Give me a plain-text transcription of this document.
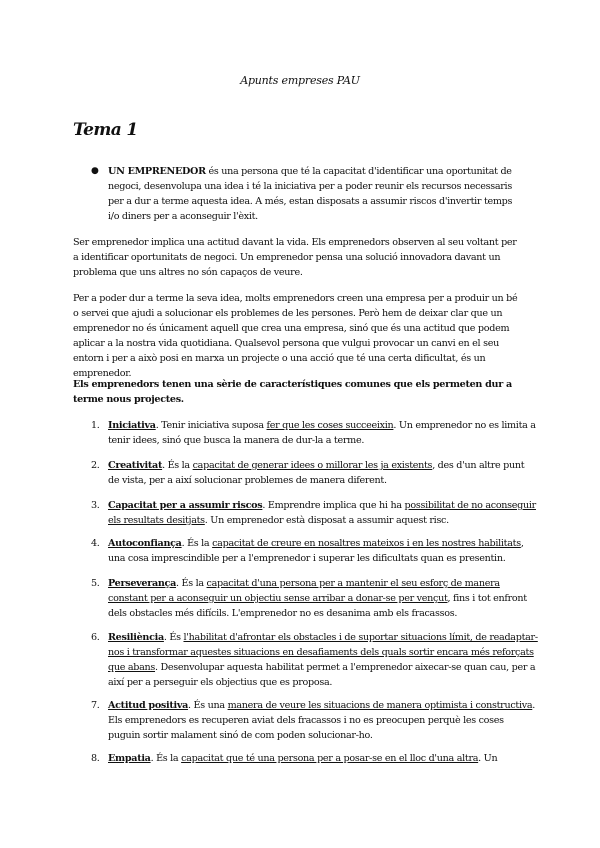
Apunts empreses PAU
Tema 1
● UN EMPRENEDOR és una persona que té la capacitat d'identificar una oportunitat de negoci, desenvolupa una idea i té la iniciativa per a poder reunir els recursos necessaris per a dur a terme aquesta idea. A més, estan disposats a assumir riscos d'invertir temps i/o diners per a aconseguir l'èxit.

Ser emprenedor implica una actitud davant la vida. Els emprenedors observen al seu voltant per a identificar oportunitats de negoci. Un emprenedor pensa una solució innovadora davant un problema que uns altres no són capaços de veure.

Per a poder dur a terme la seva idea, molts emprenedors creen una empresa per a produir un bé o servei que ajudi a solucionar els problemes de les persones. Però hem de deixar clar que un emprenedor no és únicament aquell que crea una empresa, sinó que és una actitud que podem aplicar a la nostra vida quotidiana. Qualsevol persona que vulgui provocar un canvi en el seu entorn i per a això posi en marxa un projecte o una acció que té una certa dificultat, és un emprenedor.

Els emprenedors tenen una sèrie de característiques comunes que els permeten dur a terme nous projectes.

1. Iniciativa. Tenir iniciativa suposa fer que les coses succeeixin. Un emprenedor no es limita a tenir idees, sinó que busca la manera de dur-la a terme.
2. Creativitat. És la capacitat de generar idees o millorar les ja existents, des d'un altre punt de vista, per a així solucionar problemes de manera diferent.
3. Capacitat per a assumir riscos. Emprendre implica que hi ha possibilitat de no aconseguir els resultats desitjats. Un emprenedor està disposat a assumir aquest risc.
4. Autoconfiança. És la capacitat de creure en nosaltres mateixos i en les nostres habilitats, una cosa imprescindible per a l'emprenedor i superar les dificultats quan es presentin.
5. Perseverança. És la capacitat d'una persona per a mantenir el seu esforç de manera constant per a aconseguir un objectiu sense arribar a donar-se per vençut, fins i tot enfront dels obstacles més difícils. L'emprenedor no es desanima amb els fracassos.
6. Resiliència. És l'habilitat d'afrontar els obstacles i de suportar situacions límit, de readaptar-nos i transformar aquestes situacions en desafiaments dels quals sortir encara més reforçats que abans. Desenvolupar aquesta habilitat permet a l'emprenedor aixecar-se quan cau, per a així per a perseguir els objectius que es proposa.
7. Actitud positiva. És una manera de veure les situacions de manera optimista i constructiva. Els emprenedors es recuperen aviat dels fracassos i no es preocupen perquè les coses puguin sortir malament sinó de com poden solucionar-ho.
8. Empatia. És la capacitat que té una persona per a posar-se en el lloc d'una altra. Un
